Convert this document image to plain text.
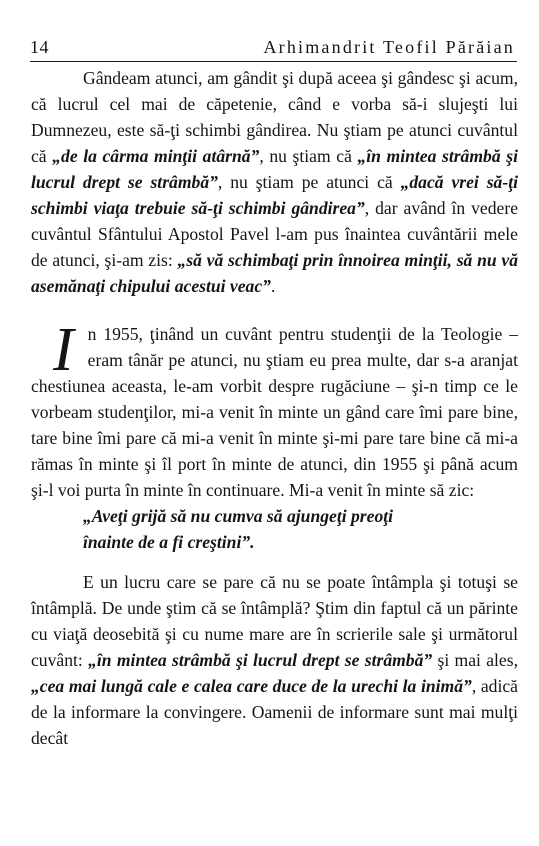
14	Arhimandrit Teofil Părăian

Gândeam atunci, am gândit şi după aceea şi gândesc şi acum, că lucrul cel mai de căpetenie, când e vorba să-i slujeşti lui Dumnezeu, este să-ţi schimbi gândirea. Nu ştiam pe atunci cuvântul că „de la cârma minţii atârnă”, nu ştiam că „în mintea strâmbă şi lucrul drept se strâmbă”, nu ştiam pe atunci că „dacă vrei să-ţi schimbi viaţa trebuie să-ţi schimbi gândirea”, dar având în vedere cuvântul Sfântului Apostol Pavel l-am pus înaintea cuvântării mele de atunci, şi-am zis: „să vă schimbaţi prin înnoirea minţii, să nu vă asemănaţi chipului acestui veac”.

In 1955, ţinând un cuvânt pentru studenţii de la Teologie – eram tânăr pe atunci, nu ştiam eu prea multe, dar s-a aranjat chestiunea aceasta, le-am vorbit despre rugăciune – şi-n timp ce le vorbeam studenţilor, mi-a venit în minte un gând care îmi pare bine, tare bine îmi pare că mi-a venit în minte şi-mi pare tare bine că mi-a rămas în minte şi îl port în minte de atunci, din 1955 şi până acum şi-l voi purta în minte în continuare. Mi-a venit în minte să zic:

„Aveţi grijă să nu cumva să ajungeţi preoţi
înainte de a fi creştini”.

E un lucru care se pare că nu se poate întâmpla şi totuşi se întâmplă. De unde ştim că se întâmplă? Ştim din faptul că un părinte cu viaţă deosebită şi cu nume mare are în scrierile sale şi următorul cuvânt: „în mintea strâmbă şi lucrul drept se strâmbă” şi mai ales, „cea mai lungă cale e calea care duce de la urechi la inimă”, adică de la informare la convingere. Oamenii de informare sunt mai mulţi decât
